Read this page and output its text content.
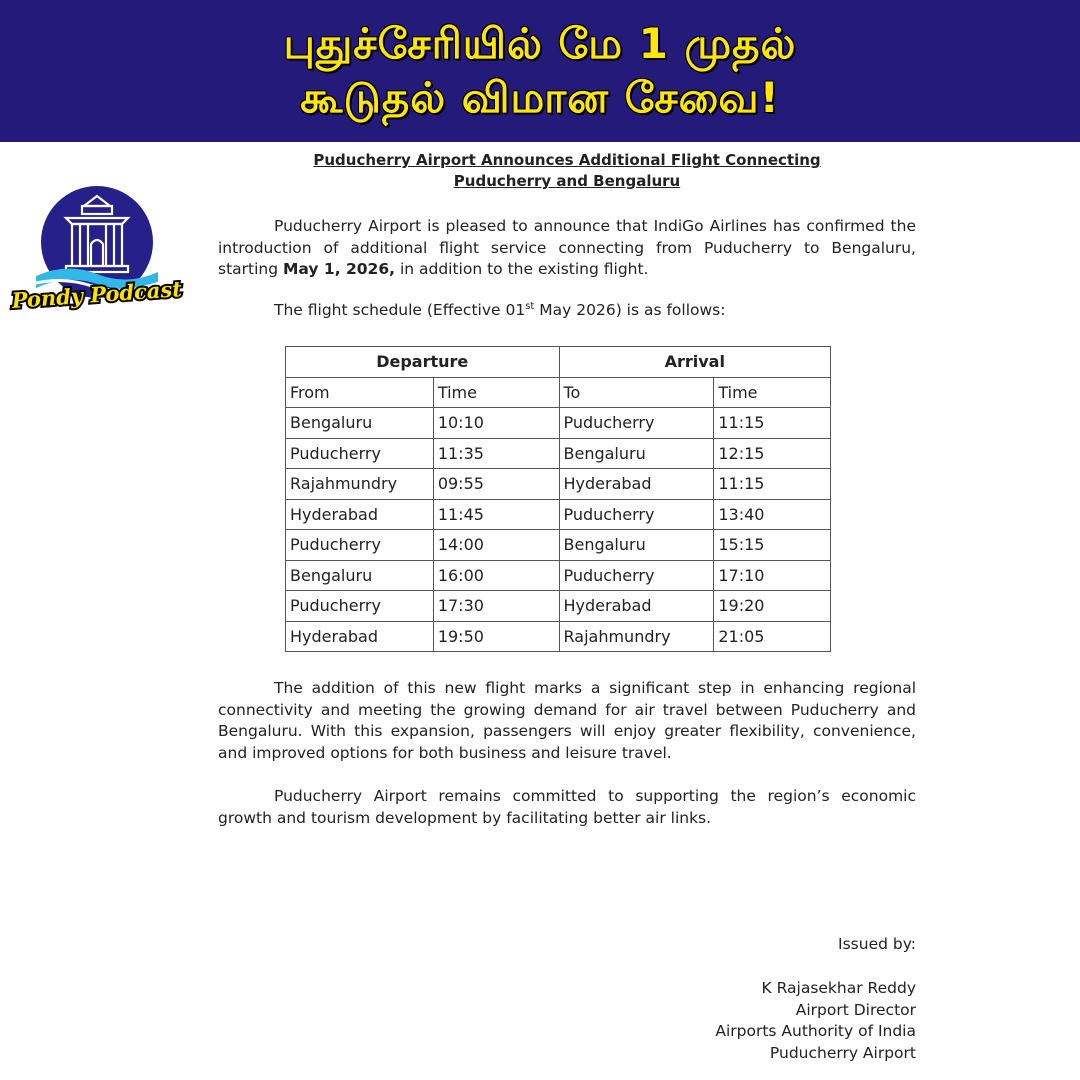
புதுச்சேரியில் மே 1 முதல்
கூடுதல் விமான சேவை!
Pondy Podcast
Puducherry Airport Announces Additional Flight Connecting
Puducherry and Bengaluru

Puducherry Airport is pleased to announce that IndiGo Airlines has confirmed the introduction of additional flight service connecting from Puducherry to Bengaluru, starting May 1, 2026, in addition to the existing flight.

The flight schedule (Effective 01st May 2026) is as follows:

Departure		Arrival	
From	Time	To	Time
Bengaluru	10:10	Puducherry	11:15
Puducherry	11:35	Bengaluru	12:15
Rajahmundry	09:55	Hyderabad	11:15
Hyderabad	11:45	Puducherry	13:40
Puducherry	14:00	Bengaluru	15:15
Bengaluru	16:00	Puducherry	17:10
Puducherry	17:30	Hyderabad	19:20
Hyderabad	19:50	Rajahmundry	21:05

The addition of this new flight marks a significant step in enhancing regional connectivity and meeting the growing demand for air travel between Puducherry and Bengaluru. With this expansion, passengers will enjoy greater flexibility, convenience, and improved options for both business and leisure travel.

Puducherry Airport remains committed to supporting the region’s economic growth and tourism development by facilitating better air links.

Issued by:
K Rajasekhar Reddy
Airport Director
Airports Authority of India
Puducherry Airport
